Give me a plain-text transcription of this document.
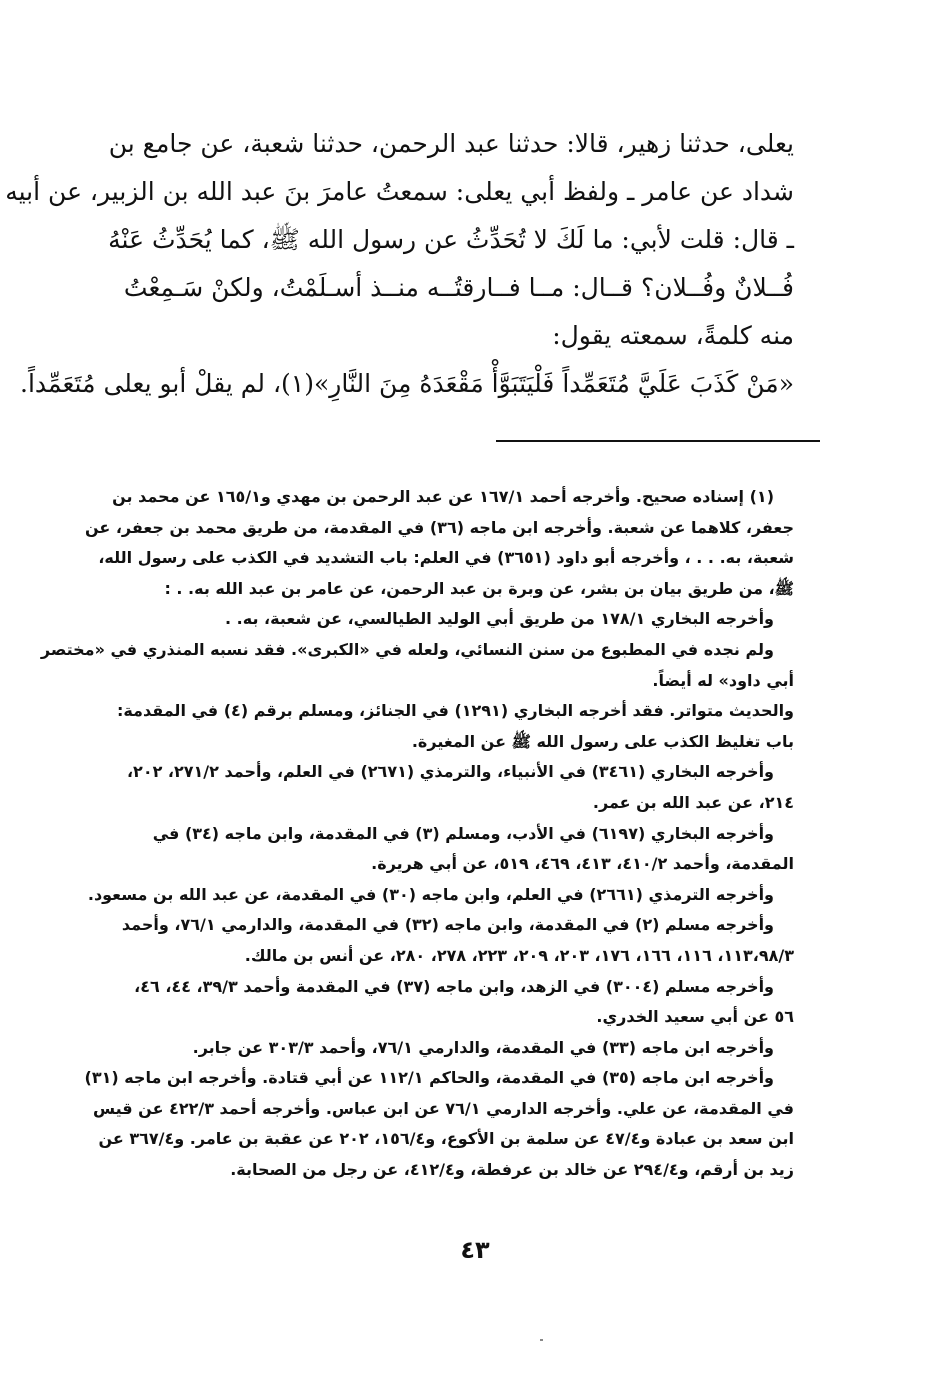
يعلى، حدثنا زهير، قالا: حدثنا عبد الرحمن، حدثنا شعبة، عن جامع بن
شداد عن عامر ـ ولفظ أبي يعلى: سمعتُ عامرَ بنَ عبد الله بن الزبير، عن أبيه
ـ قال: قلت لأبي: ما لَكَ لا تُحَدِّثُ عن رسول الله ﷺ، كما يُحَدِّثُ عَنْهُ
فُــلانٌ وفُــلان؟ قــال: مــا فــارقتُــه منــذ أسـلَمْتُ، ولكنْ سَـمِعْتُ
منه كلمةً، سمعته يقول:
«مَنْ كَذَبَ عَلَيَّ مُتَعَمِّداً فَلْيَتَبَوَّأْ مَقْعَدَهُ مِنَ النَّارِ»(١)، لم يقلْ أبو يعلى مُتَعَمِّداً.
(١) إسناده صحيح. وأخرجه أحمد ١٦٧/١ عن عبد الرحمن بن مهدي و١٦٥/١ عن محمد بن
جعفر، كلاهما عن شعبة. وأخرجه ابن ماجه (٣٦) في المقدمة، من طريق محمد بن جعفر، عن
شعبة، به. . . ، وأخرجه أبو داود (٣٦٥١) في العلم: باب التشديد في الكذب على رسول الله،
ﷺ، من طريق بيان بن بشر، عن وبرة بن عبد الرحمن، عن عامر بن عبد الله به. . :
وأخرجه البخاري ١٧٨/١ من طريق أبي الوليد الطيالسي، عن شعبة، به. .
ولم نجده في المطبوع من سنن النسائي، ولعله في «الكبرى». فقد نسبه المنذري في «مختصر
أبي داود» له أيضاً.
والحديث متواتر. فقد أخرجه البخاري (١٢٩١) في الجنائز، ومسلم برقم (٤) في المقدمة:
باب تغليظ الكذب على رسول الله ﷺ عن المغيرة.
وأخرجه البخاري (٣٤٦١) في الأنبياء، والترمذي (٢٦٧١) في العلم، وأحمد ٢٧١/٢، ٢٠٢،
٢١٤، عن عبد الله بن عمر.
وأخرجه البخاري (٦١٩٧) في الأدب، ومسلم (٣) في المقدمة، وابن ماجه (٣٤) في
المقدمة، وأحمد ٤١٠/٢، ٤١٣، ٤٦٩، ٥١٩، عن أبي هريرة.
وأخرجه الترمذي (٢٦٦١) في العلم، وابن ماجه (٣٠) في المقدمة، عن عبد الله بن مسعود.
وأخرجه مسلم (٢) في المقدمة، وابن ماجه (٣٢) في المقدمة، والدارمي ٧٦/١، وأحمد
١١٣،٩٨/٣، ١١٦، ١٦٦، ١٧٦، ٢٠٣، ٢٠٩، ٢٢٣، ٢٧٨، ٢٨٠، عن أنس بن مالك.
وأخرجه مسلم (٣٠٠٤) في الزهد، وابن ماجه (٣٧) في المقدمة وأحمد ٣٩/٣، ٤٤، ٤٦،
٥٦ عن أبي سعيد الخدري.
وأخرجه ابن ماجه (٣٣) في المقدمة، والدارمي ٧٦/١، وأحمد ٣٠٣/٣ عن جابر.
وأخرجه ابن ماجه (٣٥) في المقدمة، والحاكم ١١٢/١ عن أبي قتادة. وأخرجه ابن ماجه (٣١)
في المقدمة، عن علي. وأخرجه الدارمي ٧٦/١ عن ابن عباس. وأخرجه أحمد ٤٢٢/٣ عن قيس
ابن سعد بن عبادة و٤٧/٤ عن سلمة بن الأكوع، و١٥٦/٤، ٢٠٢ عن عقبة بن عامر. و٣٦٧/٤ عن
زيد بن أرقم، و٢٩٤/٤ عن خالد بن عرفطة، و٤١٢/٤، عن رجل من الصحابة.
٤٣
